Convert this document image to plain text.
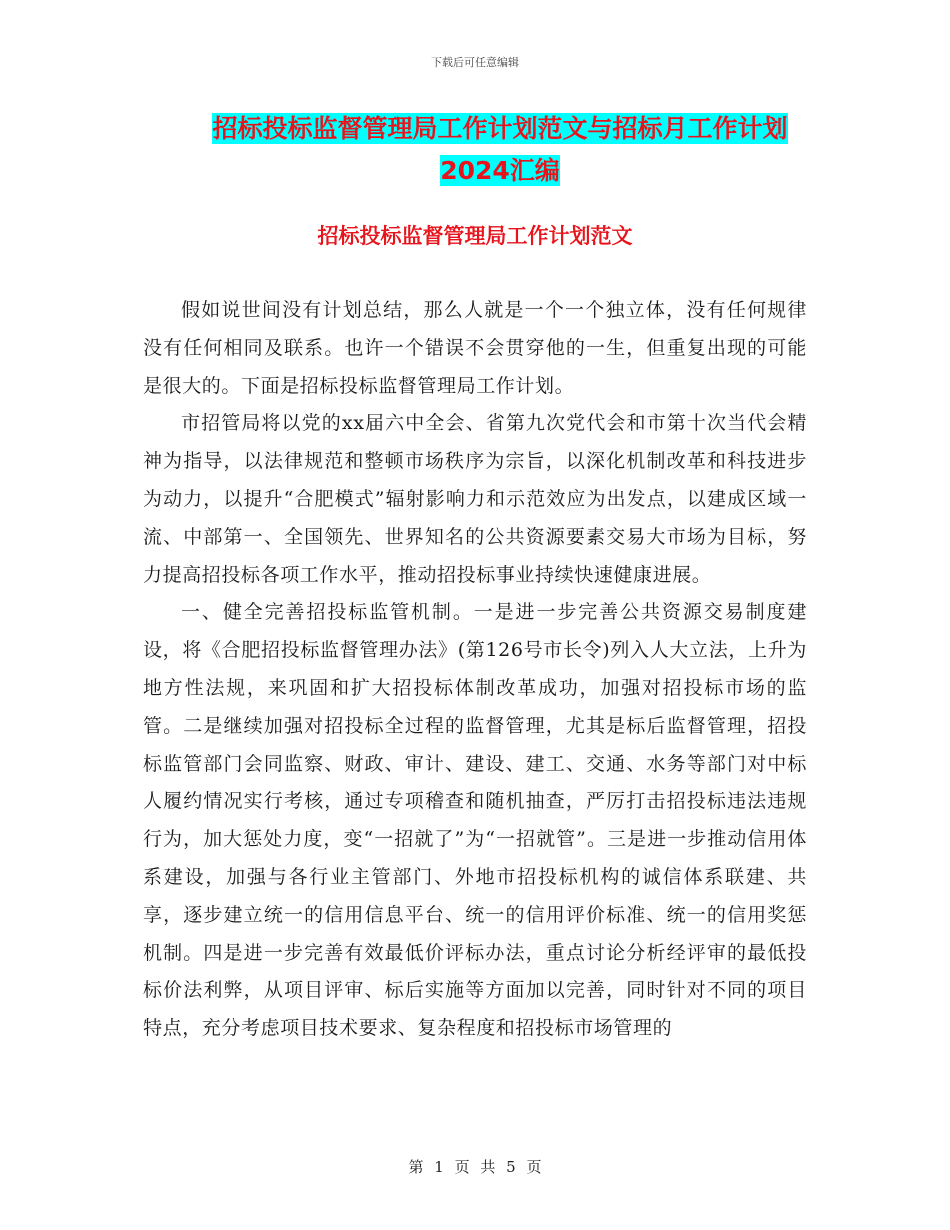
下载后可任意编辑
招标投标监督管理局工作计划范文与招标月工作计划
2024汇编
招标投标监督管理局工作计划范文

假如说世间没有计划总结，那么人就是一个一个独立体，没有任何规律没有任何相同及联系。也许一个错误不会贯穿他的一生，但重复出现的可能是很大的。下面是招标投标监督管理局工作计划。

市招管局将以党的xx届六中全会、省第九次党代会和市第十次当代会精神为指导，以法律规范和整顿市场秩序为宗旨，以深化机制改革和科技进步为动力，以提升“合肥模式”辐射影响力和示范效应为出发点，以建成区域一流、中部第一、全国领先、世界知名的公共资源要素交易大市场为目标，努力提高招投标各项工作水平，推动招投标事业持续快速健康进展。

一、健全完善招投标监管机制。一是进一步完善公共资源交易制度建设，将《合肥招投标监督管理办法》(第126号市长令)列入人大立法，上升为地方性法规，来巩固和扩大招投标体制改革成功，加强对招投标市场的监管。二是继续加强对招投标全过程的监督管理，尤其是标后监督管理，招投标监管部门会同监察、财政、审计、建设、建工、交通、水务等部门对中标人履约情况实行考核，通过专项稽查和随机抽查，严厉打击招投标违法违规行为，加大惩处力度，变“一招就了”为“一招就管”。三是进一步推动信用体系建设，加强与各行业主管部门、外地市招投标机构的诚信体系联建、共享，逐步建立统一的信用信息平台、统一的信用评价标准、统一的信用奖惩机制。四是进一步完善有效最低价评标办法，重点讨论分析经评审的最低投标价法利弊，从项目评审、标后实施等方面加以完善，同时针对不同的项目特点，充分考虑项目技术要求、复杂程度和招投标市场管理的

第 1 页 共 5 页
